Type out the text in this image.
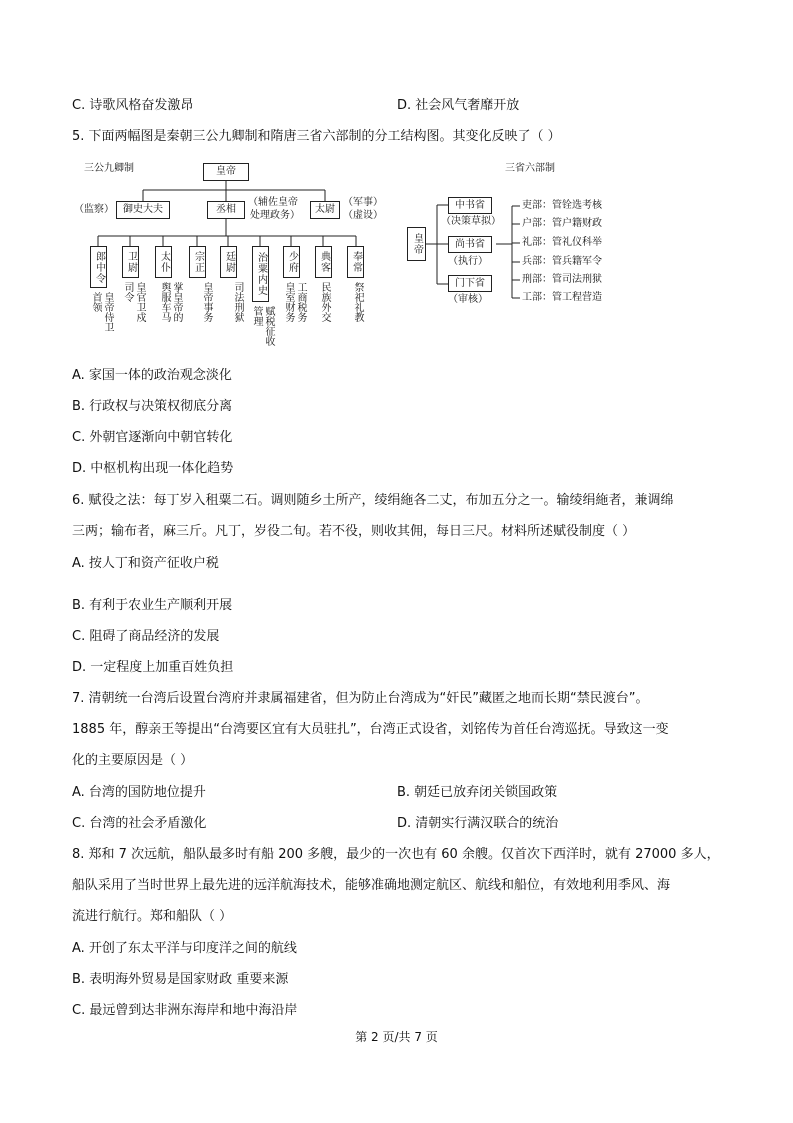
C. 诗歌风格奋发激昂	D. 社会风气奢靡开放
5. 下面两幅图是秦朝三公九卿制和隋唐三省六部制的分工结构图。其变化反映了（ ）
三公九卿制	皇帝
（监察） 御史大夫	丞相
（辅佐皇帝
处理政务）
太尉
（军事）
（虚设）
郎中令	卫尉	太仆	宗正	廷尉	治粟内史	少府	典客	奉常
皇帝侍卫首领	皇官卫戍司令	掌皇帝的舆服车马	皇帝事务	司法刑狱
赋税征收管理	工商税务皇室财务	民族外交	祭祀礼教
三省六部制
皇帝
中书省
（决策草拟）
尚书省
（执行）
门下省
（审核）
吏部：管铨选考核
户部：管户籍财政
礼部：管礼仪科举
兵部：管兵籍军令
刑部：管司法刑狱
工部：管工程营造
A. 家国一体的政治观念淡化
B. 行政权与决策权彻底分离
C. 外朝官逐渐向中朝官转化
D. 中枢机构出现一体化趋势
6. 赋役之法：每丁岁入租粟二石。调则随乡土所产，绫绢絁各二丈，布加五分之一。输绫绢絁者，兼调绵
三两；输布者，麻三斤。凡丁，岁役二旬。若不役，则收其佣，每日三尺。材料所述赋役制度（ ）
A. 按人丁和资产征收户税
B. 有利于农业生产顺利开展
C. 阻碍了商品经济的发展
D. 一定程度上加重百姓负担
7. 清朝统一台湾后设置台湾府并隶属福建省，但为防止台湾成为“奸民”藏匿之地而长期“禁民渡台”。
1885 年，醇亲王等提出“台湾要区宜有大员驻扎”，台湾正式设省，刘铭传为首任台湾巡抚。导致这一变
化的主要原因是（ ）
A. 台湾的国防地位提升	B. 朝廷已放弃闭关锁国政策
C. 台湾的社会矛盾激化	D. 清朝实行满汉联合的统治
8. 郑和 7 次远航，船队最多时有船 200 多艘，最少的一次也有 60 余艘。仅首次下西洋时，就有 27000 多人，
船队采用了当时世界上最先进的远洋航海技术，能够准确地测定航区、航线和船位，有效地利用季风、海
流进行航行。郑和船队（ ）
A. 开创了东太平洋与印度洋之间的航线
B. 表明海外贸易是国家财政 重要来源
C. 最远曾到达非洲东海岸和地中海沿岸
第 2 页/共 7 页
